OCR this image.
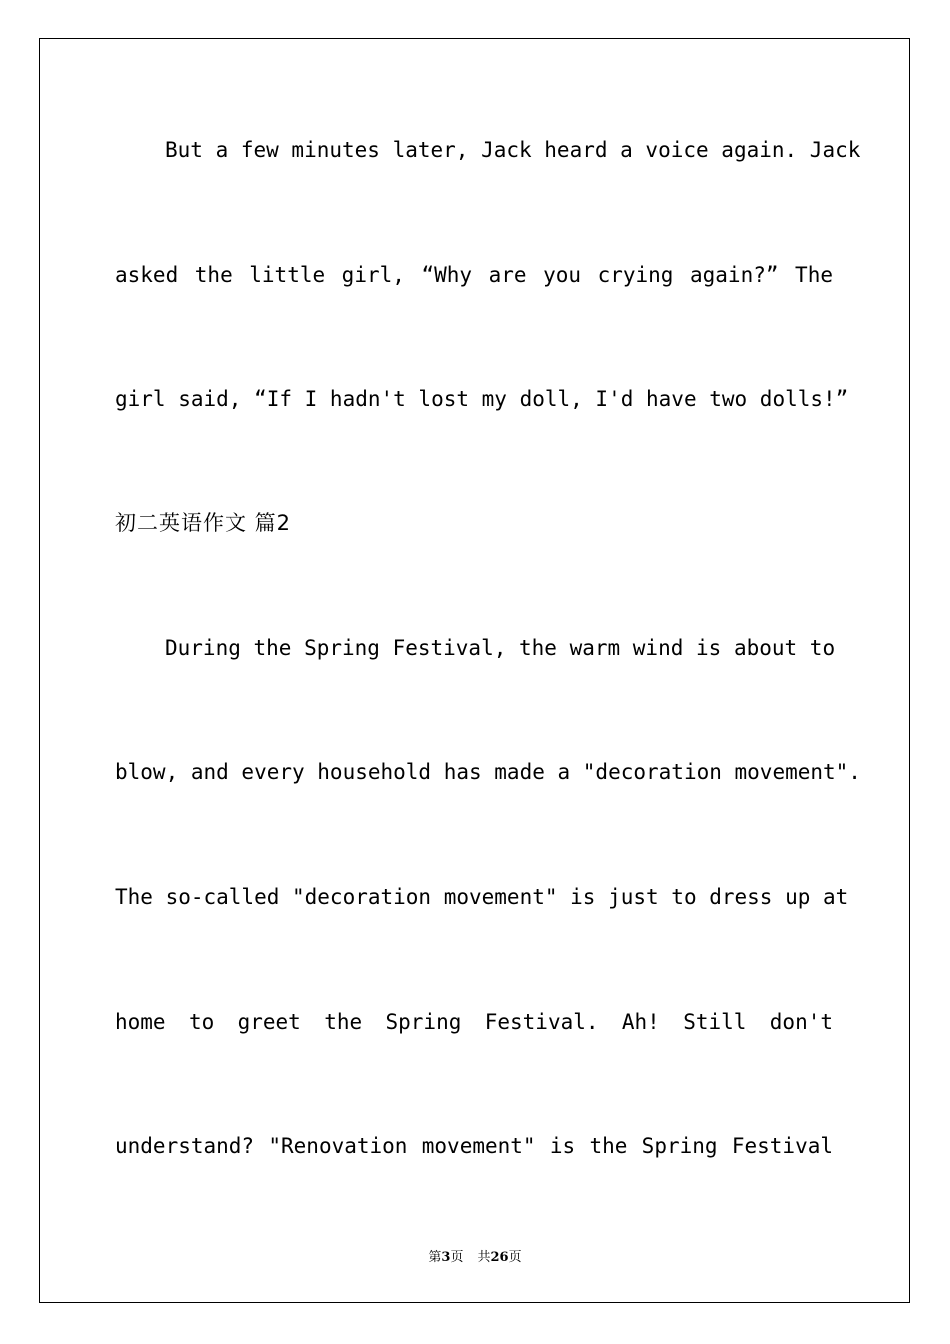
But a few minutes later, Jack heard a voice again. Jack
asked the little girl, “Why are you crying again?” The
girl said, “If I hadn't lost my doll, I'd have two dolls!”
初二英语作文 篇2
During the Spring Festival, the warm wind is about to
blow, and every household has made a "decoration movement".
The so-called "decoration movement" is just to dress up at
home to greet the Spring Festival. Ah! Still don't
understand? "Renovation movement" is the Spring Festival
第3页 共26页
